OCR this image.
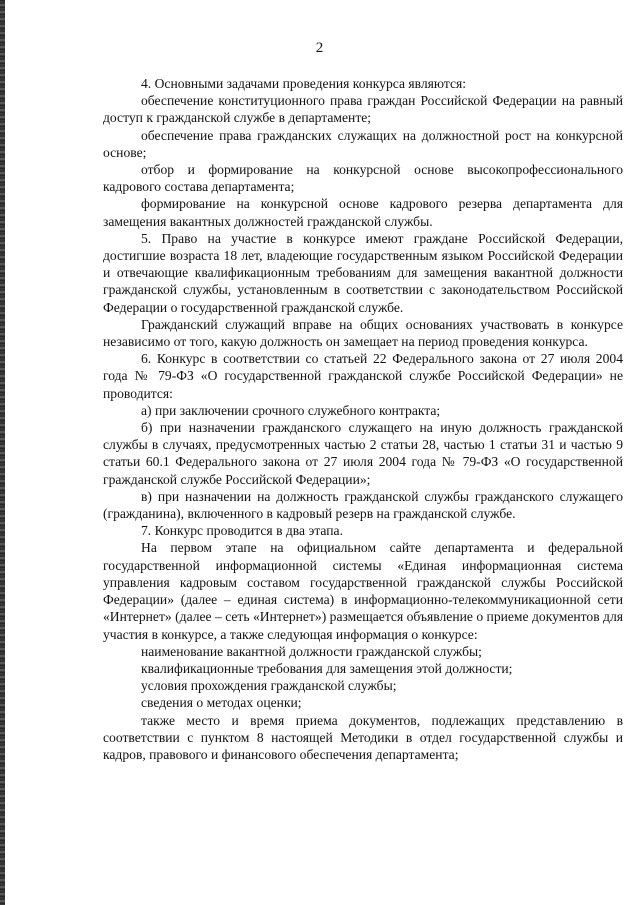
2

4. Основными задачами проведения конкурса являются:

обеспечение конституционного права граждан Российской Федерации на равный доступ к гражданской службе в департаменте;

обеспечение права гражданских служащих на должностной рост на конкурсной основе;

отбор и формирование на конкурсной основе высокопрофессионального кадрового состава департамента;

формирование на конкурсной основе кадрового резерва департамента для замещения вакантных должностей гражданской службы.

5. Право на участие в конкурсе имеют граждане Российской Федерации, достигшие возраста 18 лет, владеющие государственным языком Российской Федерации и отвечающие квалификационным требованиям для замещения вакантной должности гражданской службы, установленным в соответствии с законодательством Российской Федерации о государственной гражданской службе.

Гражданский служащий вправе на общих основаниях участвовать в конкурсе независимо от того, какую должность он замещает на период проведения конкурса.

6. Конкурс в соответствии со статьей 22 Федерального закона от 27 июля 2004 года № 79-ФЗ «О государственной гражданской службе Российской Федерации» не проводится:

а) при заключении срочного служебного контракта;

б) при назначении гражданского служащего на иную должность гражданской службы в случаях, предусмотренных частью 2 статьи 28, частью 1 статьи 31 и частью 9 статьи 60.1 Федерального закона от 27 июля 2004 года № 79-ФЗ «О государственной гражданской службе Российской Федерации»;

в) при назначении на должность гражданской службы гражданского служащего (гражданина), включенного в кадровый резерв на гражданской службе.

7. Конкурс проводится в два этапа.

На первом этапе на официальном сайте департамента и федеральной государственной информационной системы «Единая информационная система управления кадровым составом государственной гражданской службы Российской Федерации» (далее – единая система) в информационно-телекоммуникационной сети «Интернет» (далее – сеть «Интернет») размещается объявление о приеме документов для участия в конкурсе, а также следующая информация о конкурсе:

наименование вакантной должности гражданской службы;

квалификационные требования для замещения этой должности;

условия прохождения гражданской службы;

сведения о методах оценки;

также место и время приема документов, подлежащих представлению в соответствии с пунктом 8 настоящей Методики в отдел государственной службы и кадров, правового и финансового обеспечения департамента;
